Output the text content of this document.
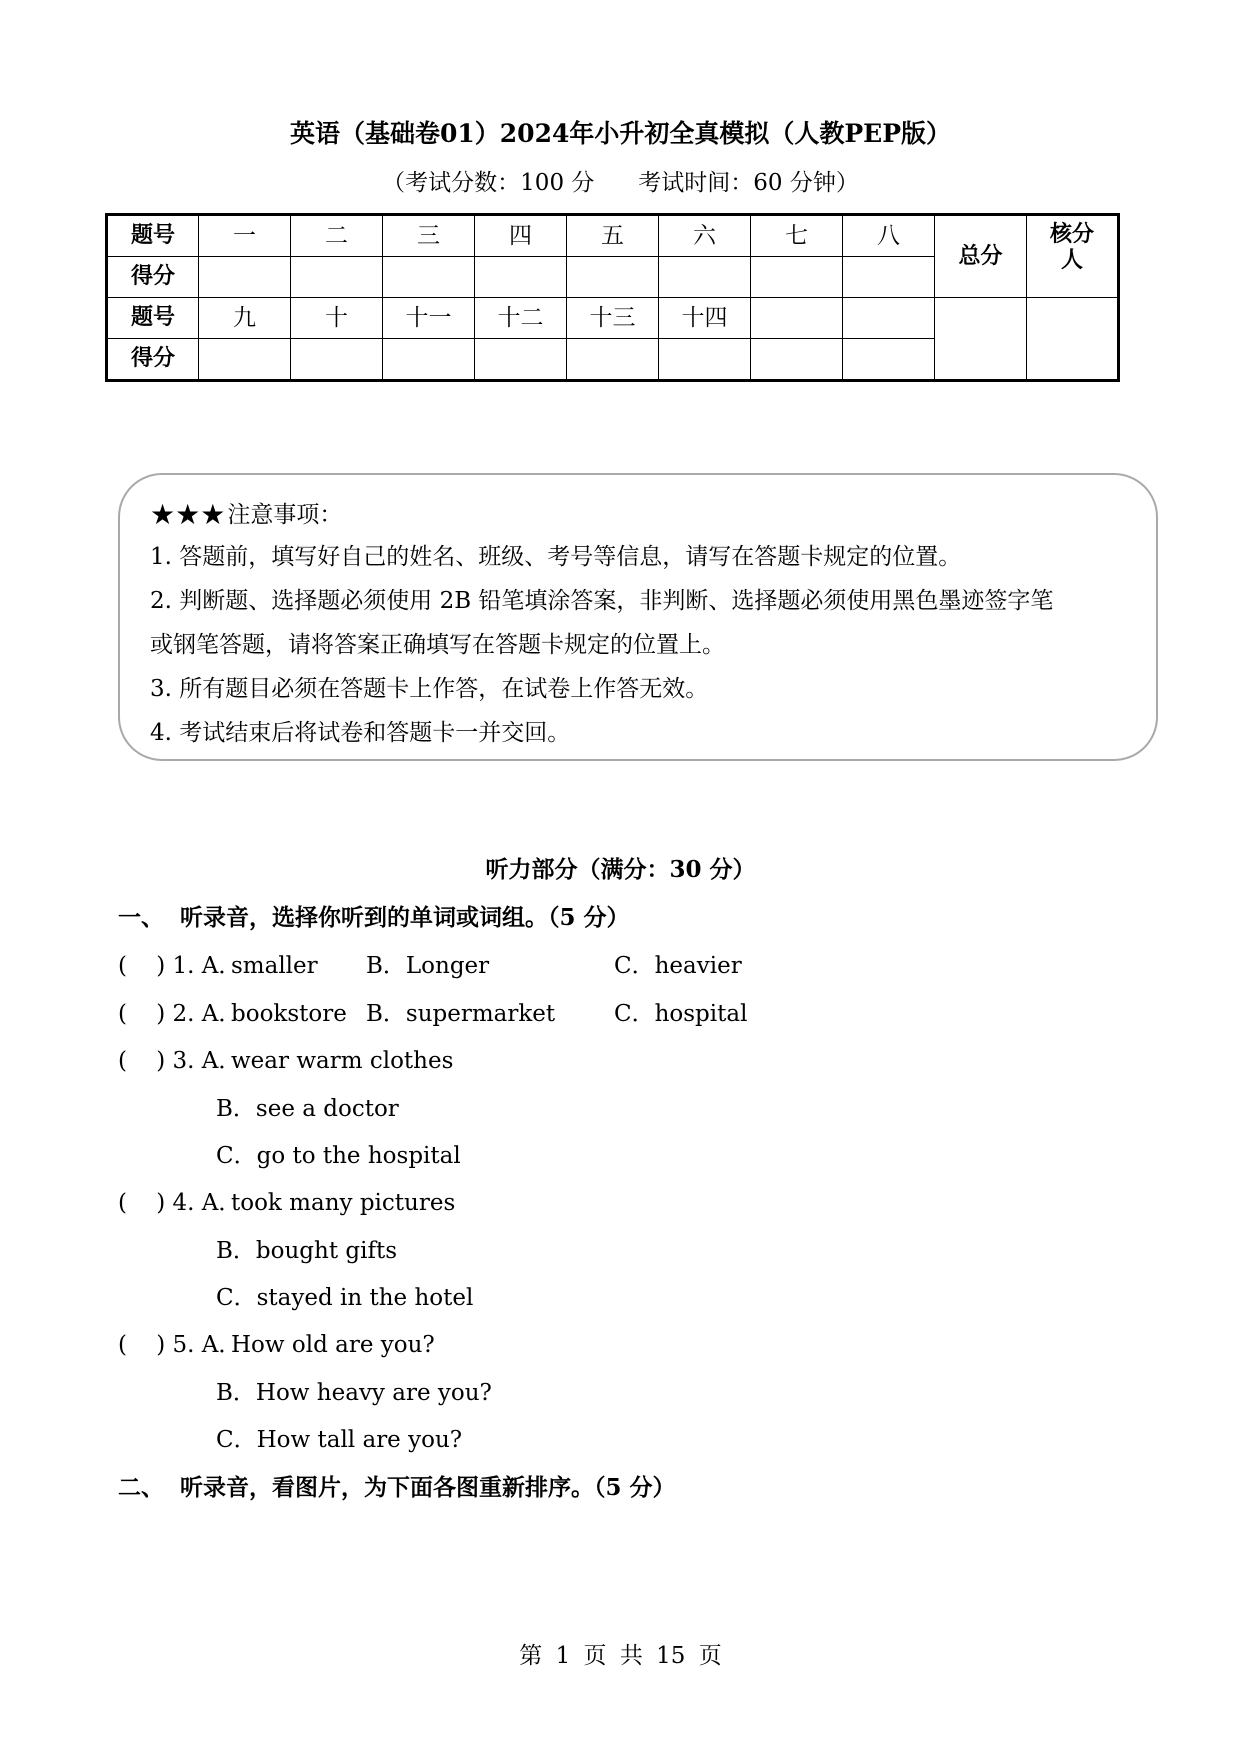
英语（基础卷01）2024年小升初全真模拟（人教PEP版）
（考试分数：100 分      考试时间：60 分钟）
题号	一	二	三	四	五	六	七	八	总分	核分人
得分										
题号	九	十	十一	十二	十三	十四				
得分										
★★★ 注意事项：
1. 答题前，填写好自己的姓名、班级、考号等信息，请写在答题卡规定的位置。
2. 判断题、选择题必须使用 2B 铅笔填涂答案，非判断、选择题必须使用黑色墨迹签字笔
或钢笔答题，请将答案正确填写在答题卡规定的位置上。
3. 所有题目必须在答题卡上作答，在试卷上作答无效。
4. 考试结束后将试卷和答题卡一并交回。
听力部分（满分：30 分）
一、  听录音，选择你听到的单词或词组。（5 分）
(    ) 1. A．
smaller B．Longer	C．heavier
(    ) 2. A．
bookstore B．supermarket	C．hospital
(    ) 3. A．
wear warm clothes
B．see a doctor
C．go to the hospital
(    ) 4. A．
took many pictures
B．bought gifts
C．stayed in the hotel
(    ) 5. A．
How old are you?
B．How heavy are you?
C．How tall are you?
二、  听录音，看图片，为下面各图重新排序。（5 分）
第 1 页 共 15 页
